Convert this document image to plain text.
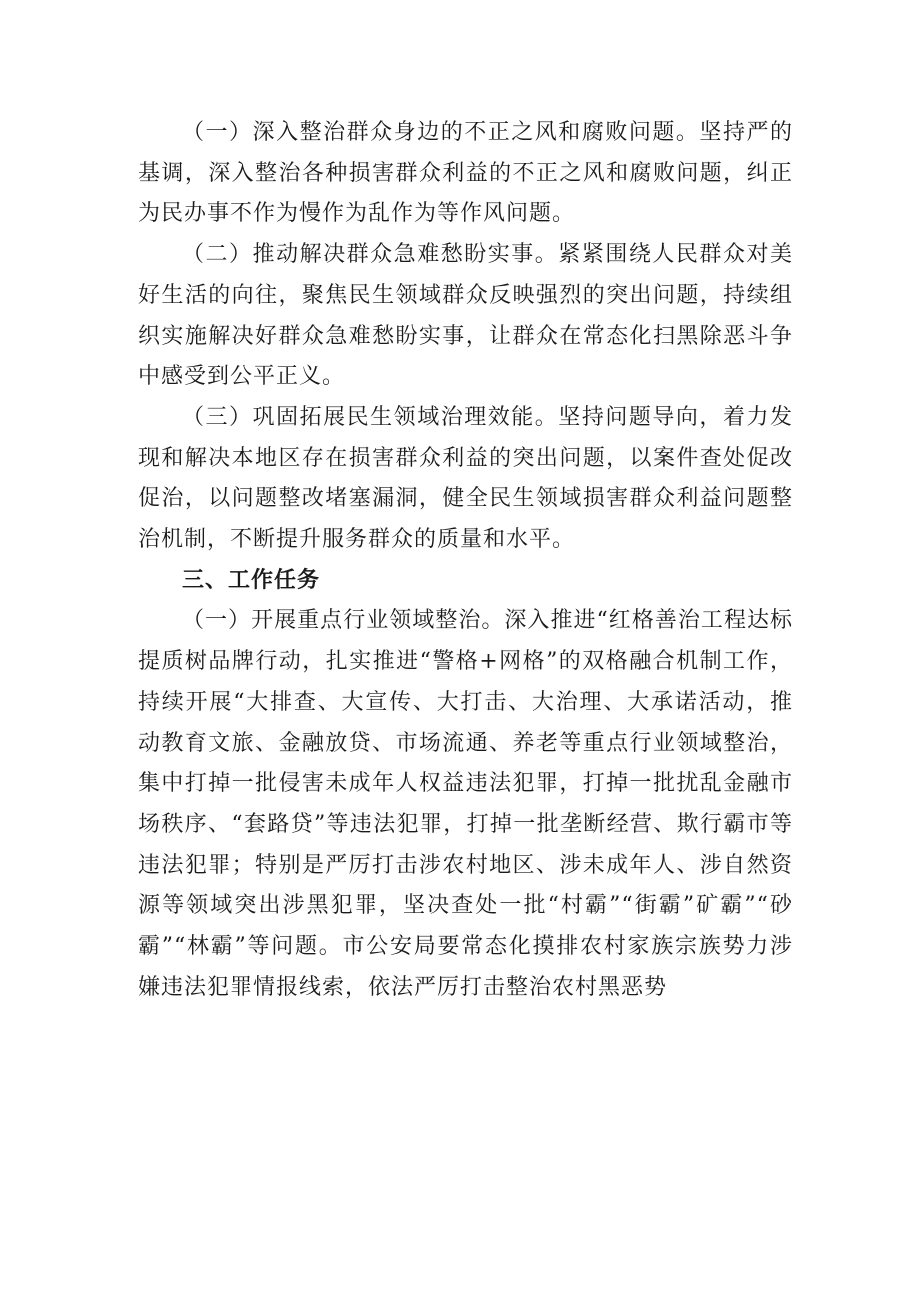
（一）深入整治群众身边的不正之风和腐败问题。坚持严的基调，深入整治各种损害群众利益的不正之风和腐败问题，纠正为民办事不作为慢作为乱作为等作风问题。

（二）推动解决群众急难愁盼实事。紧紧围绕人民群众对美好生活的向往，聚焦民生领域群众反映强烈的突出问题，持续组织实施解决好群众急难愁盼实事，让群众在常态化扫黑除恶斗争中感受到公平正义。

（三）巩固拓展民生领域治理效能。坚持问题导向，着力发现和解决本地区存在损害群众利益的突出问题，以案件查处促改促治，以问题整改堵塞漏洞，健全民生领域损害群众利益问题整治机制，不断提升服务群众的质量和水平。

三、工作任务

（一）开展重点行业领域整治。深入推进“红格善治工程达标提质树品牌行动，扎实推进“警格+网格”的双格融合机制工作，持续开展“大排查、大宣传、大打击、大治理、大承诺活动，推动教育文旅、金融放贷、市场流通、养老等重点行业领域整治，集中打掉一批侵害未成年人权益违法犯罪，打掉一批扰乱金融市场秩序、“套路贷”等违法犯罪，打掉一批垄断经营、欺行霸市等违法犯罪；特别是严厉打击涉农村地区、涉未成年人、涉自然资源等领域突出涉黑犯罪，坚决查处一批“村霸”“街霸”矿霸”“砂霸”“林霸”等问题。市公安局要常态化摸排农村家族宗族势力涉嫌违法犯罪情报线索，依法严厉打击整治农村黑恶势
